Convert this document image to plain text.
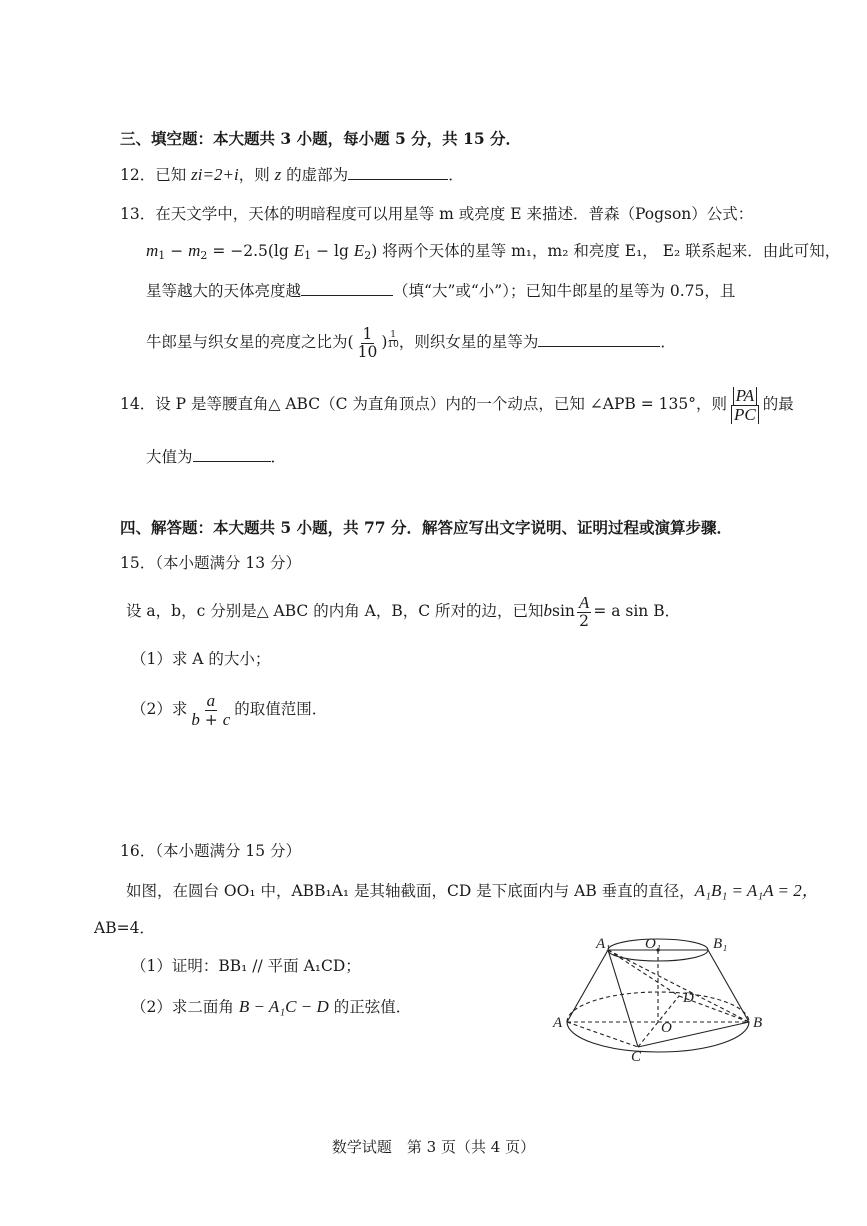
三、填空题：本大题共 3 小题，每小题 5 分，共 15 分．
12．已知 zi=2+i，则 z 的虚部为	．
13．在天文学中，天体的明暗程度可以用星等 m 或亮度 E 来描述．普森（Pogson）公式：
$m_1 - m_2 = -2.5(\lg$ $E_1 - \lg E_2$) 将两个天体的星等 m₁，m₂ 和亮度 E₁， E₂ 联系起来．由此可知，
星等越大的天体亮度越	（填“大”或“小”）；已知牛郎星的星等为 0.75，且
牛郎星与织女星的亮度之比为( $\frac{1}{10}$ ) $\frac{1}{10}$ ，则织女星的星等为	．
14．设 P 是等腰直角△ ABC（C 为直角顶点）内的一个动点，已知 ∠APB = 135°，则 $\frac{PA}{PC}$ 的最
大值为	．
四、解答题：本大题共 5 小题，共 77 分．解答应写出文字说明、证明过程或演算步骤．
15．（本小题满分 13 分）
设 a，b，c 分别是△ ABC 的内角 A，B，C 所对的边，已知bsin $\frac{A}{2} = a$ sin B．
（1）求 A 的大小；
（2）求 $\frac{a}{b + c}$ 的取值范围．
16．（本小题满分 15 分）
如图，在圆台 OO₁ 中，ABB₁A₁ 是其轴截面，CD 是下底面内与 AB 垂直的直径，A₁B₁ = A₁A = 2，
AB=4．
（1）证明：BB₁ // 平面 A₁CD；
（2）求二面角 B − A₁C − D 的正弦值．
A₁ O₁	B₁
D
A	O	B
C
数学试题　第 3 页（共 4 页）
